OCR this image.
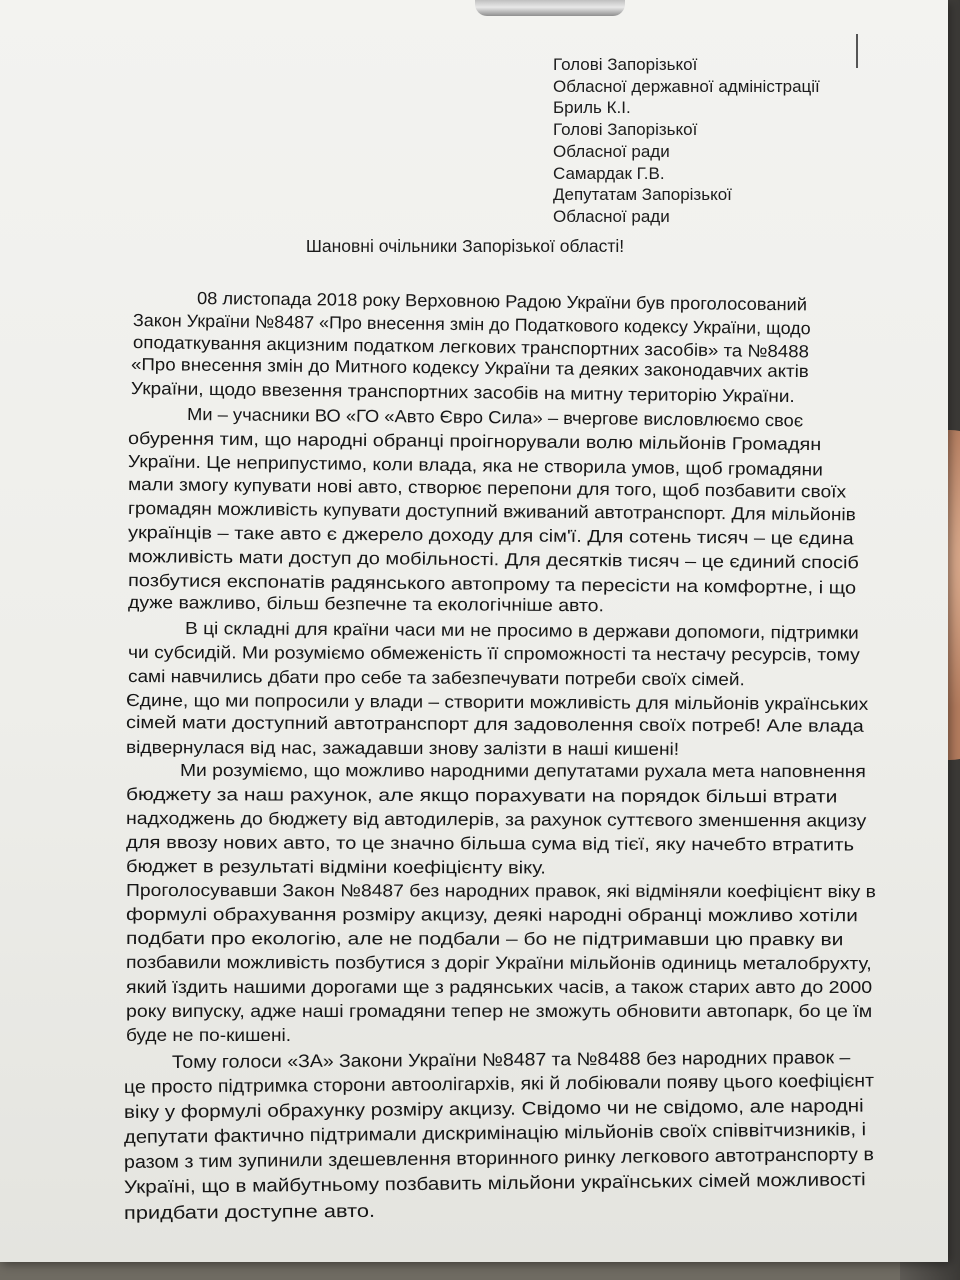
Голові Запорізької
Обласної державної адміністрації
Бриль К.І.
Голові Запорізької
Обласної ради
Самардак Г.В.
Депутатам Запорізької
Обласної ради
Шановні очільники Запорізької області!
08 листопада 2018 року Верховною Радою України був проголосований
Закон України №8487 «Про внесення змін до Податкового кодексу України, щодо
оподаткування акцизним податком легкових транспортних засобів» та №8488
«Про внесення змін до Митного кодексу України та деяких законодавчих актів
України, щодо ввезення транспортних засобів на митну територію України.
Ми – учасники ВО «ГО «Авто Євро Сила» – вчергове висловлюємо своє
обурення тим, що народні обранці проігнорували волю мільйонів Громадян
України. Це неприпустимо, коли влада, яка не створила умов, щоб громадяни
мали змогу купувати нові авто, створює перепони для того, щоб позбавити своїх
громадян можливість купувати доступний вживаний автотранспорт. Для мільйонів
українців – таке авто є джерело доходу для сім'ї. Для сотень тисяч – це єдина
можливість мати доступ до мобільності. Для десятків тисяч – це єдиний спосіб
позбутися експонатів радянського автопрому та пересісти на комфортне, і що
дуже важливо, більш безпечне та екологічніше авто.
В ці складні для країни часи ми не просимо в держави допомоги, підтримки
чи субсидій. Ми розуміємо обмеженість її спроможності та нестачу ресурсів, тому
самі навчились дбати про себе та забезпечувати потреби своїх сімей.
Єдине, що ми попросили у влади – створити можливість для мільйонів українських
сімей мати доступний автотранспорт для задоволення своїх потреб! Але влада
відвернулася від нас, зажадавши знову залізти в наші кишені!
Ми розуміємо, що можливо народними депутатами рухала мета наповнення
бюджету за наш рахунок, але якщо порахувати на порядок більші втрати
надходжень до бюджету від автодилерів, за рахунок суттєвого зменшення акцизу
для ввозу нових авто, то це значно більша сума від тієї, яку начебто втратить
бюджет в результаті відміни коефіцієнту віку.
Проголосувавши Закон №8487 без народних правок, які відміняли коефіцієнт віку в
формулі обрахування розміру акцизу, деякі народні обранці можливо хотіли
подбати про екологію, але не подбали – бо не підтримавши цю правку ви
позбавили можливість позбутися з доріг України мільйонів одиниць металобрухту,
який їздить нашими дорогами ще з радянських часів, а також старих авто до 2000
року випуску, адже наші громадяни тепер не зможуть обновити автопарк, бо це їм
буде не по-кишені.
Тому голоси «ЗА» Закони України №8487 та №8488 без народних правок –
це просто підтримка сторони автоолігархів, які й лобіювали появу цього коефіцієнт
віку у формулі обрахунку розміру акцизу. Свідомо чи не свідомо, але народні
депутати фактично підтримали дискримінацію мільйонів своїх співвітчизників, і
разом з тим зупинили здешевлення вторинного ринку легкового автотранспорту в
Україні, що в майбутньому позбавить мільйони українських сімей можливості
придбати доступне авто.
